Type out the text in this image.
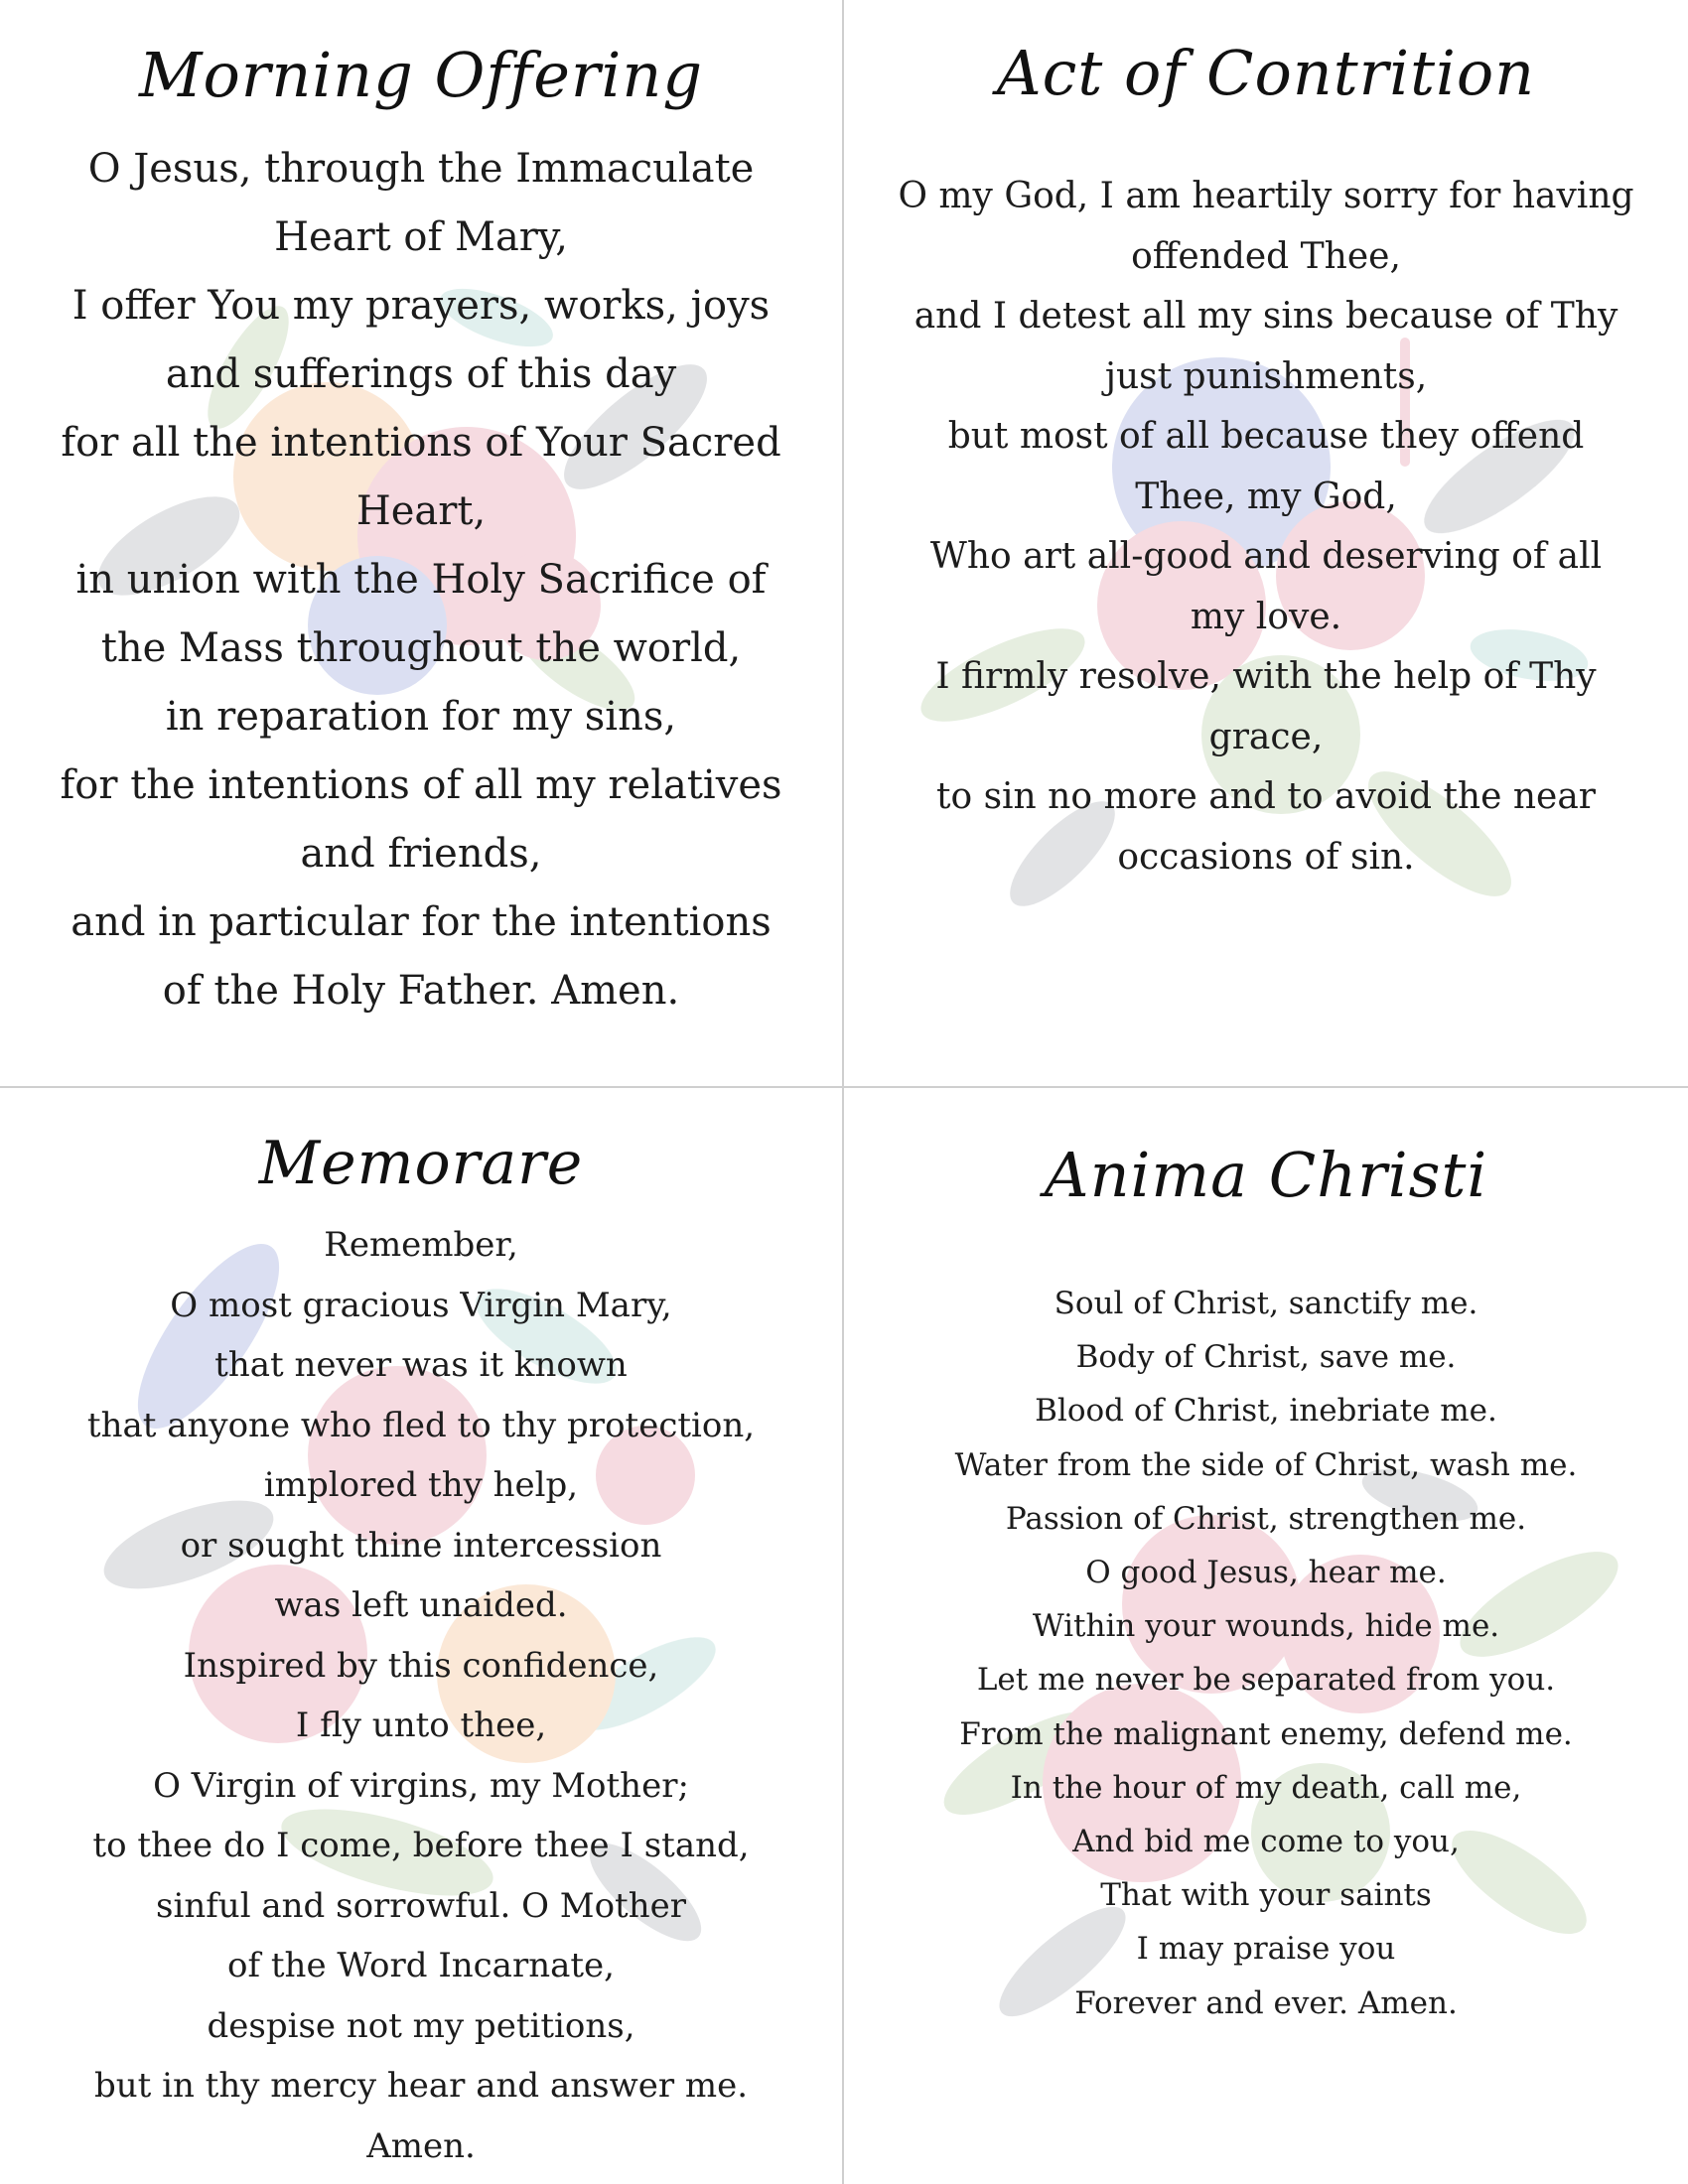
Morning Offering
O Jesus, through the Immaculate
Heart of Mary,
I offer You my prayers, works, joys
and sufferings of this day
for all the intentions of Your Sacred
Heart,
in union with the Holy Sacrifice of
the Mass throughout the world,
in reparation for my sins,
for the intentions of all my relatives
and friends,
and in particular for the intentions
of the Holy Father. Amen.
Act of Contrition
O my God, I am heartily sorry for having
offended Thee,
and I detest all my sins because of Thy
just punishments,
but most of all because they offend
Thee, my God,
Who art all-good and deserving of all
my love.
I firmly resolve, with the help of Thy
grace,
to sin no more and to avoid the near
occasions of sin.
Memorare
Remember,
O most gracious Virgin Mary,
that never was it known
that anyone who fled to thy protection,
implored thy help,
or sought thine intercession
was left unaided.
Inspired by this confidence,
I fly unto thee,
O Virgin of virgins, my Mother;
to thee do I come, before thee I stand,
sinful and sorrowful. O Mother
of the Word Incarnate,
despise not my petitions,
but in thy mercy hear and answer me.
Amen.
Anima Christi
Soul of Christ, sanctify me.
Body of Christ, save me.
Blood of Christ, inebriate me.
Water from the side of Christ, wash me.
Passion of Christ, strengthen me.
O good Jesus, hear me.
Within your wounds, hide me.
Let me never be separated from you.
From the malignant enemy, defend me.
In the hour of my death, call me,
And bid me come to you,
That with your saints
I may praise you
Forever and ever. Amen.
